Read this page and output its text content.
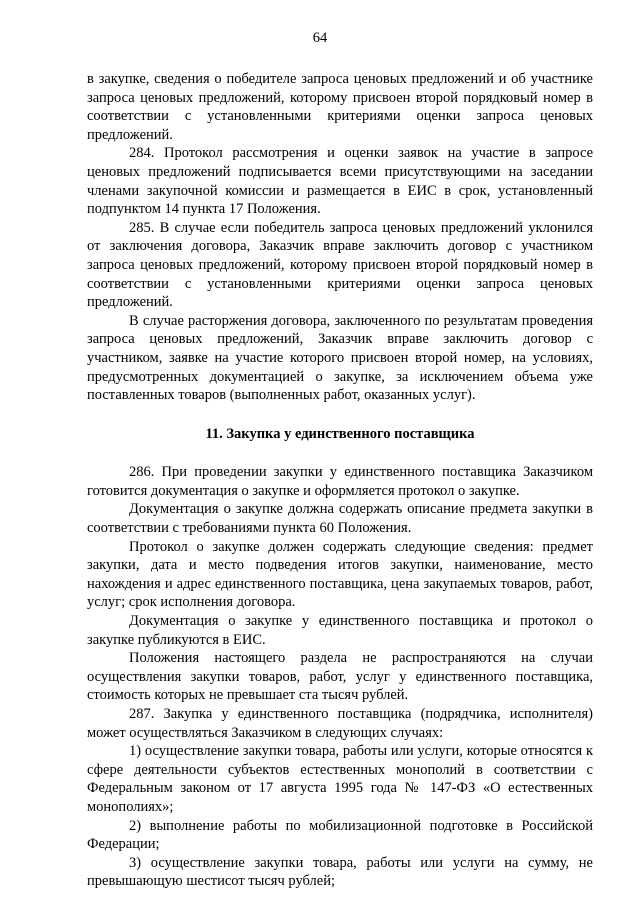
64

в закупке, сведения о победителе запроса ценовых предложений и об участнике запроса ценовых предложений, которому присвоен второй порядковый номер в соответствии с установленными критериями оценки запроса ценовых предложений.

284. Протокол рассмотрения и оценки заявок на участие в запросе ценовых предложений подписывается всеми присутствующими на заседании членами закупочной комиссии и размещается в ЕИС в срок, установленный подпунктом 14 пункта 17 Положения.

285. В случае если победитель запроса ценовых предложений уклонился от заключения договора, Заказчик вправе заключить договор с участником запроса ценовых предложений, которому присвоен второй порядковый номер в соответствии с установленными критериями оценки запроса ценовых предложений.

В случае расторжения договора, заключенного по результатам проведения запроса ценовых предложений, Заказчик вправе заключить договор с участником, заявке на участие которого присвоен второй номер, на условиях, предусмотренных документацией о закупке, за исключением объема уже поставленных товаров (выполненных работ, оказанных услуг).

11. Закупка у единственного поставщика

286. При проведении закупки у единственного поставщика Заказчиком готовится документация о закупке и оформляется протокол о закупке.

Документация о закупке должна содержать описание предмета закупки в соответствии с требованиями пункта 60 Положения.

Протокол о закупке должен содержать следующие сведения: предмет закупки, дата и место подведения итогов закупки, наименование, место нахождения и адрес единственного поставщика, цена закупаемых товаров, работ, услуг; срок исполнения договора.

Документация о закупке у единственного поставщика и протокол о закупке публикуются в ЕИС.

Положения настоящего раздела не распространяются на случаи осуществления закупки товаров, работ, услуг у единственного поставщика, стоимость которых не превышает ста тысяч рублей.

287. Закупка у единственного поставщика (подрядчика, исполнителя) может осуществляться Заказчиком в следующих случаях:

1) осуществление закупки товара, работы или услуги, которые относятся к сфере деятельности субъектов естественных монополий в соответствии с Федеральным законом от 17 августа 1995 года № 147-ФЗ «О естественных монополиях»;

2) выполнение работы по мобилизационной подготовке в Российской Федерации;

3) осуществление закупки товара, работы или услуги на сумму, не превышающую шестисот тысяч рублей;
